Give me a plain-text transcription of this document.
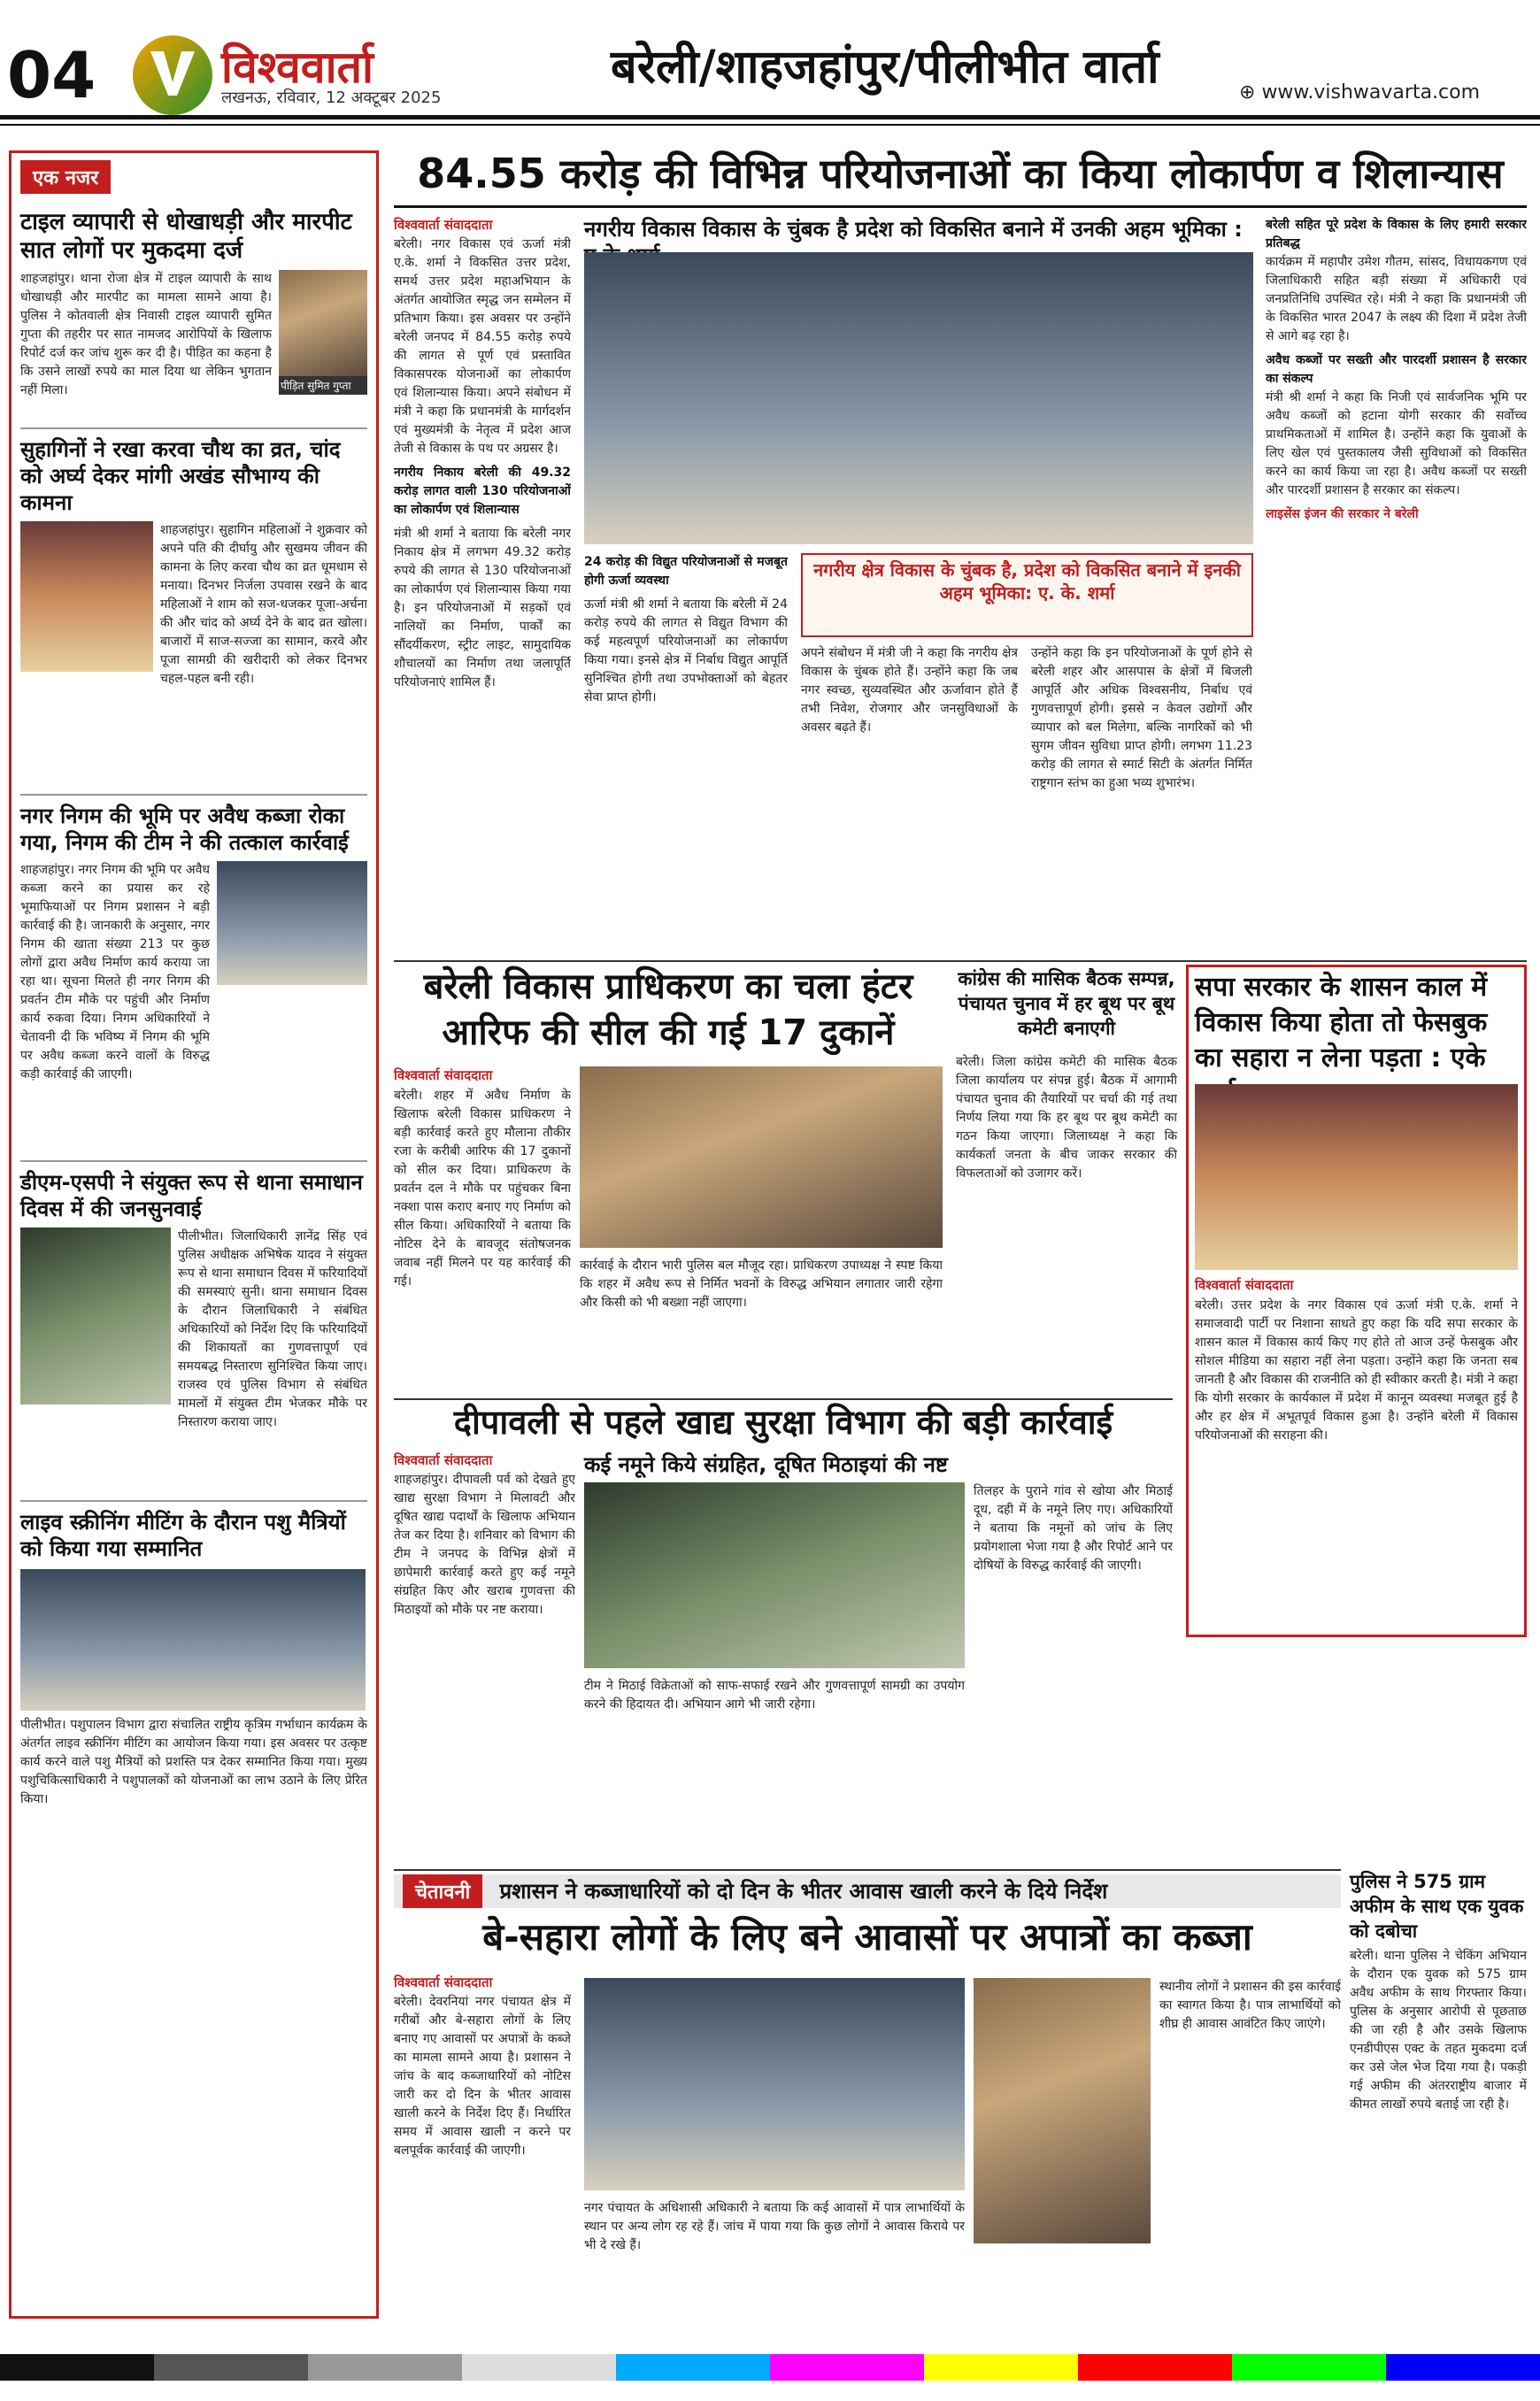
04	विश्ववार्ता
लखनऊ, रविवार, 12 अक्टूबर 2025
बरेली/शाहजहांपुर/पीलीभीत वार्ता	⊕ www.vishwavarta.com
एक नजर
टाइल व्यापारी से धोखाधड़ी और मारपीट सात लोगों पर मुकदमा दर्ज
शाहजहांपुर। थाना रोजा क्षेत्र में टाइल व्यापारी के साथ धोखाधड़ी और मारपीट का मामला सामने आया है। पुलिस ने कोतवाली क्षेत्र निवासी टाइल व्यापारी सुमित गुप्ता की तहरीर पर सात नामजद आरोपियों के खिलाफ रिपोर्ट दर्ज कर जांच शुरू कर दी है। पीड़ित का कहना है कि उसने लाखों रुपये का माल दिया था लेकिन भुगतान नहीं मिला।	पीड़ित सुमित गुप्ता
सुहागिनों ने रखा करवा चौथ का व्रत, चांद को अर्घ्य देकर मांगी अखंड सौभाग्य की कामना
शाहजहांपुर। सुहागिन महिलाओं ने शुक्रवार को अपने पति की दीर्घायु और सुखमय जीवन की कामना के लिए करवा चौथ का व्रत धूमधाम से मनाया। दिनभर निर्जला उपवास रखने के बाद महिलाओं ने शाम को सज-धजकर पूजा-अर्चना की और चांद को अर्घ्य देने के बाद व्रत खोला। बाजारों में साज-सज्जा का सामान, करवे और पूजा सामग्री की खरीदारी को लेकर दिनभर चहल-पहल बनी रही।
नगर निगम की भूमि पर अवैध कब्जा रोका गया, निगम की टीम ने की तत्काल कार्रवाई
शाहजहांपुर। नगर निगम की भूमि पर अवैध कब्जा करने का प्रयास कर रहे भूमाफियाओं पर निगम प्रशासन ने बड़ी कार्रवाई की है। जानकारी के अनुसार, नगर निगम की खाता संख्या 213 पर कुछ लोगों द्वारा अवैध निर्माण कार्य कराया जा रहा था। सूचना मिलते ही नगर निगम की प्रवर्तन टीम मौके पर पहुंची और निर्माण कार्य रुकवा दिया। निगम अधिकारियों ने चेतावनी दी कि भविष्य में निगम की भूमि पर अवैध कब्जा करने वालों के विरुद्ध कड़ी कार्रवाई की जाएगी।
डीएम-एसपी ने संयुक्त रूप से थाना समाधान दिवस में की जनसुनवाई
पीलीभीत। जिलाधिकारी ज्ञानेंद्र सिंह एवं पुलिस अधीक्षक अभिषेक यादव ने संयुक्त रूप से थाना समाधान दिवस में फरियादियों की समस्याएं सुनी। थाना समाधान दिवस के दौरान जिलाधिकारी ने संबंधित अधिकारियों को निर्देश दिए कि फरियादियों की शिकायतों का गुणवत्तापूर्ण एवं समयबद्ध निस्तारण सुनिश्चित किया जाए। राजस्व एवं पुलिस विभाग से संबंधित मामलों में संयुक्त टीम भेजकर मौके पर निस्तारण कराया जाए।
लाइव स्क्रीनिंग मीटिंग के दौरान पशु मैत्रियों को किया गया सम्मानित
पीलीभीत। पशुपालन विभाग द्वारा संचालित राष्ट्रीय कृत्रिम गर्भाधान कार्यक्रम के अंतर्गत लाइव स्क्रीनिंग मीटिंग का आयोजन किया गया। इस अवसर पर उत्कृष्ट कार्य करने वाले पशु मैत्रियों को प्रशस्ति पत्र देकर सम्मानित किया गया। मुख्य पशुचिकित्साधिकारी ने पशुपालकों को योजनाओं का लाभ उठाने के लिए प्रेरित किया।
84.55 करोड़ की विभिन्न परियोजनाओं का किया लोकार्पण व शिलान्यास
विश्ववार्ता संवाददाता
बरेली। नगर विकास एवं ऊर्जा मंत्री ए.के. शर्मा ने विकसित उत्तर प्रदेश, समर्थ उत्तर प्रदेश महाअभियान के अंतर्गत आयोजित स्मृद्ध जन सम्मेलन में प्रतिभाग किया। इस अवसर पर उन्होंने बरेली जनपद में 84.55 करोड़ रुपये की लागत से पूर्ण एवं प्रस्तावित विकासपरक योजनाओं का लोकार्पण एवं शिलान्यास किया। अपने संबोधन में मंत्री ने कहा कि प्रधानमंत्री के मार्गदर्शन एवं मुख्यमंत्री के नेतृत्व में प्रदेश आज तेजी से विकास के पथ पर अग्रसर है।
नगरीय निकाय बरेली की 49.32 करोड़ लागत वाली 130 परियोजनाओं का लोकार्पण एवं शिलान्यास
मंत्री श्री शर्मा ने बताया कि बरेली नगर निकाय क्षेत्र में लगभग 49.32 करोड़ रुपये की लागत से 130 परियोजनाओं का लोकार्पण एवं शिलान्यास किया गया है। इन परियोजनाओं में सड़कों एवं नालियों का निर्माण, पार्कों का सौंदर्यीकरण, स्ट्रीट लाइट, सामुदायिक शौचालयों का निर्माण तथा जलापूर्ति परियोजनाएं शामिल हैं।
नगरीय विकास विकास के चुंबक है प्रदेश को विकसित बनाने में उनकी अहम भूमिका :
24 करोड़ की विद्युत परियोजनाओं से मजबूत होगी ऊर्जा व्यवस्था
ऊर्जा मंत्री श्री शर्मा ने बताया कि बरेली में 24 करोड़ रुपये की लागत से विद्युत विभाग की कई महत्वपूर्ण परियोजनाओं का लोकार्पण किया गया। इनसे क्षेत्र में निर्बाध विद्युत आपूर्ति सुनिश्चित होगी तथा उपभोक्ताओं को बेहतर सेवा प्राप्त होगी।
नगरीय क्षेत्र विकास के चुंबक है, प्रदेश को विकसित बनाने में इनकी अहम भूमिका: ए. के. शर्मा
अपने संबोधन में मंत्री जी ने कहा कि नगरीय क्षेत्र विकास के चुंबक होते हैं। उन्होंने कहा कि जब नगर स्वच्छ, सुव्यवस्थित और ऊर्जावान होते हैं तभी निवेश, रोजगार और जनसुविधाओं के अवसर बढ़ते हैं।
उन्होंने कहा कि इन परियोजनाओं के पूर्ण होने से बरेली शहर और आसपास के क्षेत्रों में बिजली आपूर्ति और अधिक विश्वसनीय, निर्बाध एवं गुणवत्तापूर्ण होगी। इससे न केवल उद्योगों और व्यापार को बल मिलेगा, बल्कि नागरिकों को भी सुगम जीवन सुविधा प्राप्त होगी। लगभग 11.23 करोड़ की लागत से स्मार्ट सिटी के अंतर्गत निर्मित राष्ट्रगान स्तंभ का हुआ भव्य शुभारंभ।
बरेली सहित पूरे प्रदेश के विकास के लिए हमारी सरकार प्रतिबद्ध
कार्यक्रम में महापौर उमेश गौतम, सांसद, विधायकगण एवं जिलाधिकारी सहित बड़ी संख्या में अधिकारी एवं जनप्रतिनिधि उपस्थित रहे। मंत्री ने कहा कि प्रधानमंत्री जी के विकसित भारत 2047 के लक्ष्य की दिशा में प्रदेश तेजी से आगे बढ़ रहा है।
अवैध कब्जों पर सख्ती और पारदर्शी प्रशासन है सरकार का संकल्प
मंत्री श्री शर्मा ने कहा कि निजी एवं सार्वजनिक भूमि पर अवैध कब्जों को हटाना योगी सरकार की सर्वोच्च प्राथमिकताओं में शामिल है। उन्होंने कहा कि युवाओं के लिए खेल एवं पुस्तकालय जैसी सुविधाओं को विकसित करने का कार्य किया जा रहा है। अवैध कब्जों पर सख्ती और पारदर्शी प्रशासन है सरकार का संकल्प।
लाइसेंस इंजन की सरकार ने बरेली
बरेली विकास प्राधिकरण का चला हंटर
आरिफ की सील की गई 17 दुकानें
विश्ववार्ता संवाददाता
बरेली। शहर में अवैध निर्माण के खिलाफ बरेली विकास प्राधिकरण ने बड़ी कार्रवाई करते हुए मौलाना तौकीर रजा के करीबी आरिफ की 17 दुकानों को सील कर दिया। प्राधिकरण के प्रवर्तन दल ने मौके पर पहुंचकर बिना नक्शा पास कराए बनाए गए निर्माण को सील किया। अधिकारियों ने बताया कि नोटिस देने के बावजूद संतोषजनक जवाब नहीं मिलने पर यह कार्रवाई की गई।
कार्रवाई के दौरान भारी पुलिस बल मौजूद रहा। प्राधिकरण उपाध्यक्ष ने स्पष्ट किया कि शहर में अवैध रूप से निर्मित भवनों के विरुद्ध अभियान लगातार जारी रहेगा और किसी को भी बख्शा नहीं जाएगा।
कांग्रेस की मासिक बैठक सम्पन्न, पंचायत चुनाव में हर बूथ पर बूथ कमेटी बनाएगी
बरेली। जिला कांग्रेस कमेटी की मासिक बैठक जिला कार्यालय पर संपन्न हुई। बैठक में आगामी पंचायत चुनाव की तैयारियों पर चर्चा की गई तथा निर्णय लिया गया कि हर बूथ पर बूथ कमेटी का गठन किया जाएगा। जिलाध्यक्ष ने कहा कि कार्यकर्ता जनता के बीच जाकर सरकार की विफलताओं को उजागर करें।
सपा सरकार के शासन काल में विकास किया होता तो फेसबुक का सहारा न लेना पड़ता : एके
विश्ववार्ता संवाददाता
बरेली। उत्तर प्रदेश के नगर विकास एवं ऊर्जा मंत्री ए.के. शर्मा ने समाजवादी पार्टी पर निशाना साधते हुए कहा कि यदि सपा सरकार के शासन काल में विकास कार्य किए गए होते तो आज उन्हें फेसबुक और सोशल मीडिया का सहारा नहीं लेना पड़ता। उन्होंने कहा कि जनता सब जानती है और विकास की राजनीति को ही स्वीकार करती है। मंत्री ने कहा कि योगी सरकार के कार्यकाल में प्रदेश में कानून व्यवस्था मजबूत हुई है और हर क्षेत्र में अभूतपूर्व विकास हुआ है। उन्होंने बरेली में विकास परियोजनाओं की सराहना की।
दीपावली से पहले खाद्य सुरक्षा विभाग की बड़ी कार्रवाई
कई नमूने किये संग्रहित, दूषित मिठाइयां की नष्ट
विश्ववार्ता संवाददाता
शाहजहांपुर। दीपावली पर्व को देखते हुए खाद्य सुरक्षा विभाग ने मिलावटी और दूषित खाद्य पदार्थों के खिलाफ अभियान तेज कर दिया है। शनिवार को विभाग की टीम ने जनपद के विभिन्न क्षेत्रों में छापेमारी कार्रवाई करते हुए कई नमूने संग्रहित किए और खराब गुणवत्ता की मिठाइयों को मौके पर नष्ट कराया।
टीम ने मिठाई विक्रेताओं को साफ-सफाई रखने और गुणवत्तापूर्ण सामग्री का उपयोग करने की हिदायत दी। अभियान आगे भी जारी रहेगा।
तिलहर के पुराने गांव से खोया और मिठाई दूध, दही में के नमूने लिए गए। अधिकारियों ने बताया कि नमूनों को जांच के लिए प्रयोगशाला भेजा गया है और रिपोर्ट आने पर दोषियों के विरुद्ध कार्रवाई की जाएगी।
चेतावनी प्रशासन ने कब्जाधारियों को दो दिन के भीतर आवास खाली करने के दिये निर्देश
बे-सहारा लोगों के लिए बने आवासों पर अपात्रों का कब्जा
विश्ववार्ता संवाददाता
बरेली। देवरनियां नगर पंचायत क्षेत्र में गरीबों और बे-सहारा लोगों के लिए बनाए गए आवासों पर अपात्रों के कब्जे का मामला सामने आया है। प्रशासन ने जांच के बाद कब्जाधारियों को नोटिस जारी कर दो दिन के भीतर आवास खाली करने के निर्देश दिए हैं। निर्धारित समय में आवास खाली न करने पर बलपूर्वक कार्रवाई की जाएगी।
नगर पंचायत के अधिशासी अधिकारी ने बताया कि कई आवासों में पात्र लाभार्थियों के स्थान पर अन्य लोग रह रहे हैं। जांच में पाया गया कि कुछ लोगों ने आवास किराये पर भी दे रखे हैं।
स्थानीय लोगों ने प्रशासन की इस कार्रवाई का स्वागत किया है। पात्र लाभार्थियों को शीघ्र ही आवास आवंटित किए जाएंगे।
पुलिस ने 575 ग्राम अफीम के साथ एक युवक को दबोचा
बरेली। थाना पुलिस ने चेकिंग अभियान के दौरान एक युवक को 575 ग्राम अवैध अफीम के साथ गिरफ्तार किया। पुलिस के अनुसार आरोपी से पूछताछ की जा रही है और उसके खिलाफ एनडीपीएस एक्ट के तहत मुकदमा दर्ज कर उसे जेल भेज दिया गया है। पकड़ी गई अफीम की अंतरराष्ट्रीय बाजार में कीमत लाखों रुपये बताई जा रही है।
